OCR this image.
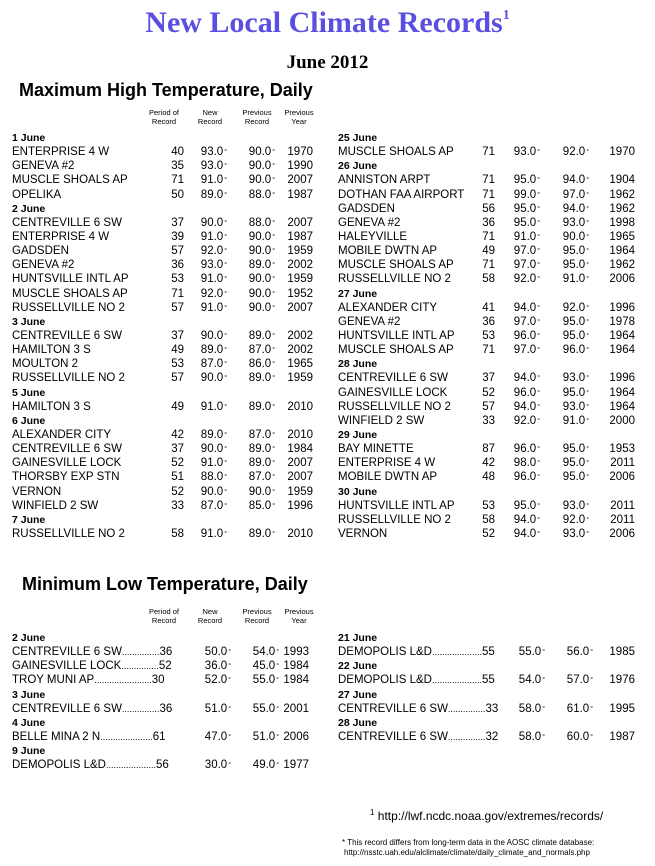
New Local Climate Records$^1$
June 2012
Maximum High Temperature, Daily
Minimum Low Temperature, Daily
Period of
Record
New
Record
Previous
Record
Previous
Year
Period of
Record
New
Record
Previous
Record
Previous
Year
1 June
ENTERPRISE 4 W	40 93.0° 90.0° 1970
GENEVA #2	35 93.0° 90.0° 1990
MUSCLE SHOALS AP	71 91.0° 90.0° 2007
OPELIKA	50 89.0° 88.0° 1987
2 June
CENTREVILLE 6 SW	37 90.0° 88.0° 2007
ENTERPRISE 4 W	39 91.0° 90.0° 1987
GADSDEN	57 92.0° 90.0° 1959
GENEVA #2	36 93.0° 89.0° 2002
HUNTSVILLE INTL AP	53 91.0° 90.0° 1959
MUSCLE SHOALS AP	71 92.0° 90.0° 1952
RUSSELLVILLE NO 2	57 91.0° 90.0° 2007
3 June
CENTREVILLE 6 SW	37 90.0° 89.0° 2002
HAMILTON 3 S	49 89.0° 87.0° 2002
MOULTON 2	53 87.0° 86.0° 1965
RUSSELLVILLE NO 2	57 90.0° 89.0° 1959
5 June
HAMILTON 3 S	49 91.0° 89.0° 2010
6 June
ALEXANDER CITY	42 89.0° 87.0° 2010
CENTREVILLE 6 SW	37 90.0° 89.0° 1984
GAINESVILLE LOCK	52 91.0° 89.0° 2007
THORSBY EXP STN	51 88.0° 87.0° 2007
VERNON	52 90.0° 90.0° 1959
WINFIELD 2 SW	33 87.0° 85.0° 1996
7 June
RUSSELLVILLE NO 2	58 91.0° 89.0° 2010
25 June
MUSCLE SHOALS AP 71 93.0° 92.0° 1970
26 June
ANNISTON ARPT	71 95.0° 94.0° 1904
DOTHAN FAA AIRPORT 71 99.0° 97.0° 1962
GADSDEN	56 95.0° 94.0° 1962
GENEVA #2	36 95.0° 93.0° 1998
HALEYVILLE	71 91.0° 90.0° 1965
MOBILE DWTN AP	49 97.0° 95.0° 1964
MUSCLE SHOALS AP 71 97.0° 95.0° 1962
RUSSELLVILLE NO 2	58 92.0° 91.0° 2006
27 June
ALEXANDER CITY	41 94.0° 92.0° 1996
GENEVA #2	36 97.0° 95.0° 1978
HUNTSVILLE INTL AP 53 96.0° 95.0° 1964
MUSCLE SHOALS AP 71 97.0° 96.0° 1964
28 June
CENTREVILLE 6 SW	37 94.0° 93.0° 1996
GAINESVILLE LOCK	52 96.0° 95.0° 1964
RUSSELLVILLE NO 2	57 94.0° 93.0° 1964
WINFIELD 2 SW	33 92.0° 91.0° 2000
29 June
BAY MINETTE	87 96.0° 95.0° 1953
ENTERPRISE 4 W	42 98.0° 95.0° 2011
MOBILE DWTN AP	48 96.0° 95.0° 2006
30 June
HUNTSVILLE INTL AP 53 95.0° 93.0° 2011
RUSSELLVILLE NO 2	58 94.0° 92.0° 2011
VERNON	52 94.0° 93.0° 2006
2 June
CENTREVILLE 6 SW...............36	50.0° 54.0° 1993
GAINESVILLE LOCK...............52	36.0° 45.0° 1984
TROY MUNI AP.......................30	52.0° 55.0° 1984
3 June
CENTREVILLE 6 SW...............36	51.0° 55.0° 2001
4 June
BELLE MINA 2 N.....................61	47.0° 51.0° 2006
9 June
DEMOPOLIS L&D....................56	30.0° 49.0° 1977
21 June
DEMOPOLIS L&D....................55 55.0° 56.0° 1985
22 June
DEMOPOLIS L&D....................55 54.0° 57.0° 1976
27 June
CENTREVILLE 6 SW...............33 58.0° 61.0° 1995
28 June
CENTREVILLE 6 SW...............32 58.0° 60.0° 1987
$^1$ http://lwf.ncdc.noaa.gov/extremes/records/
* This record differs from long-term data in the AOSC climate database:
http://nsstc.uah.edu/alclimate/climate/daily_climate_and_normals.php
